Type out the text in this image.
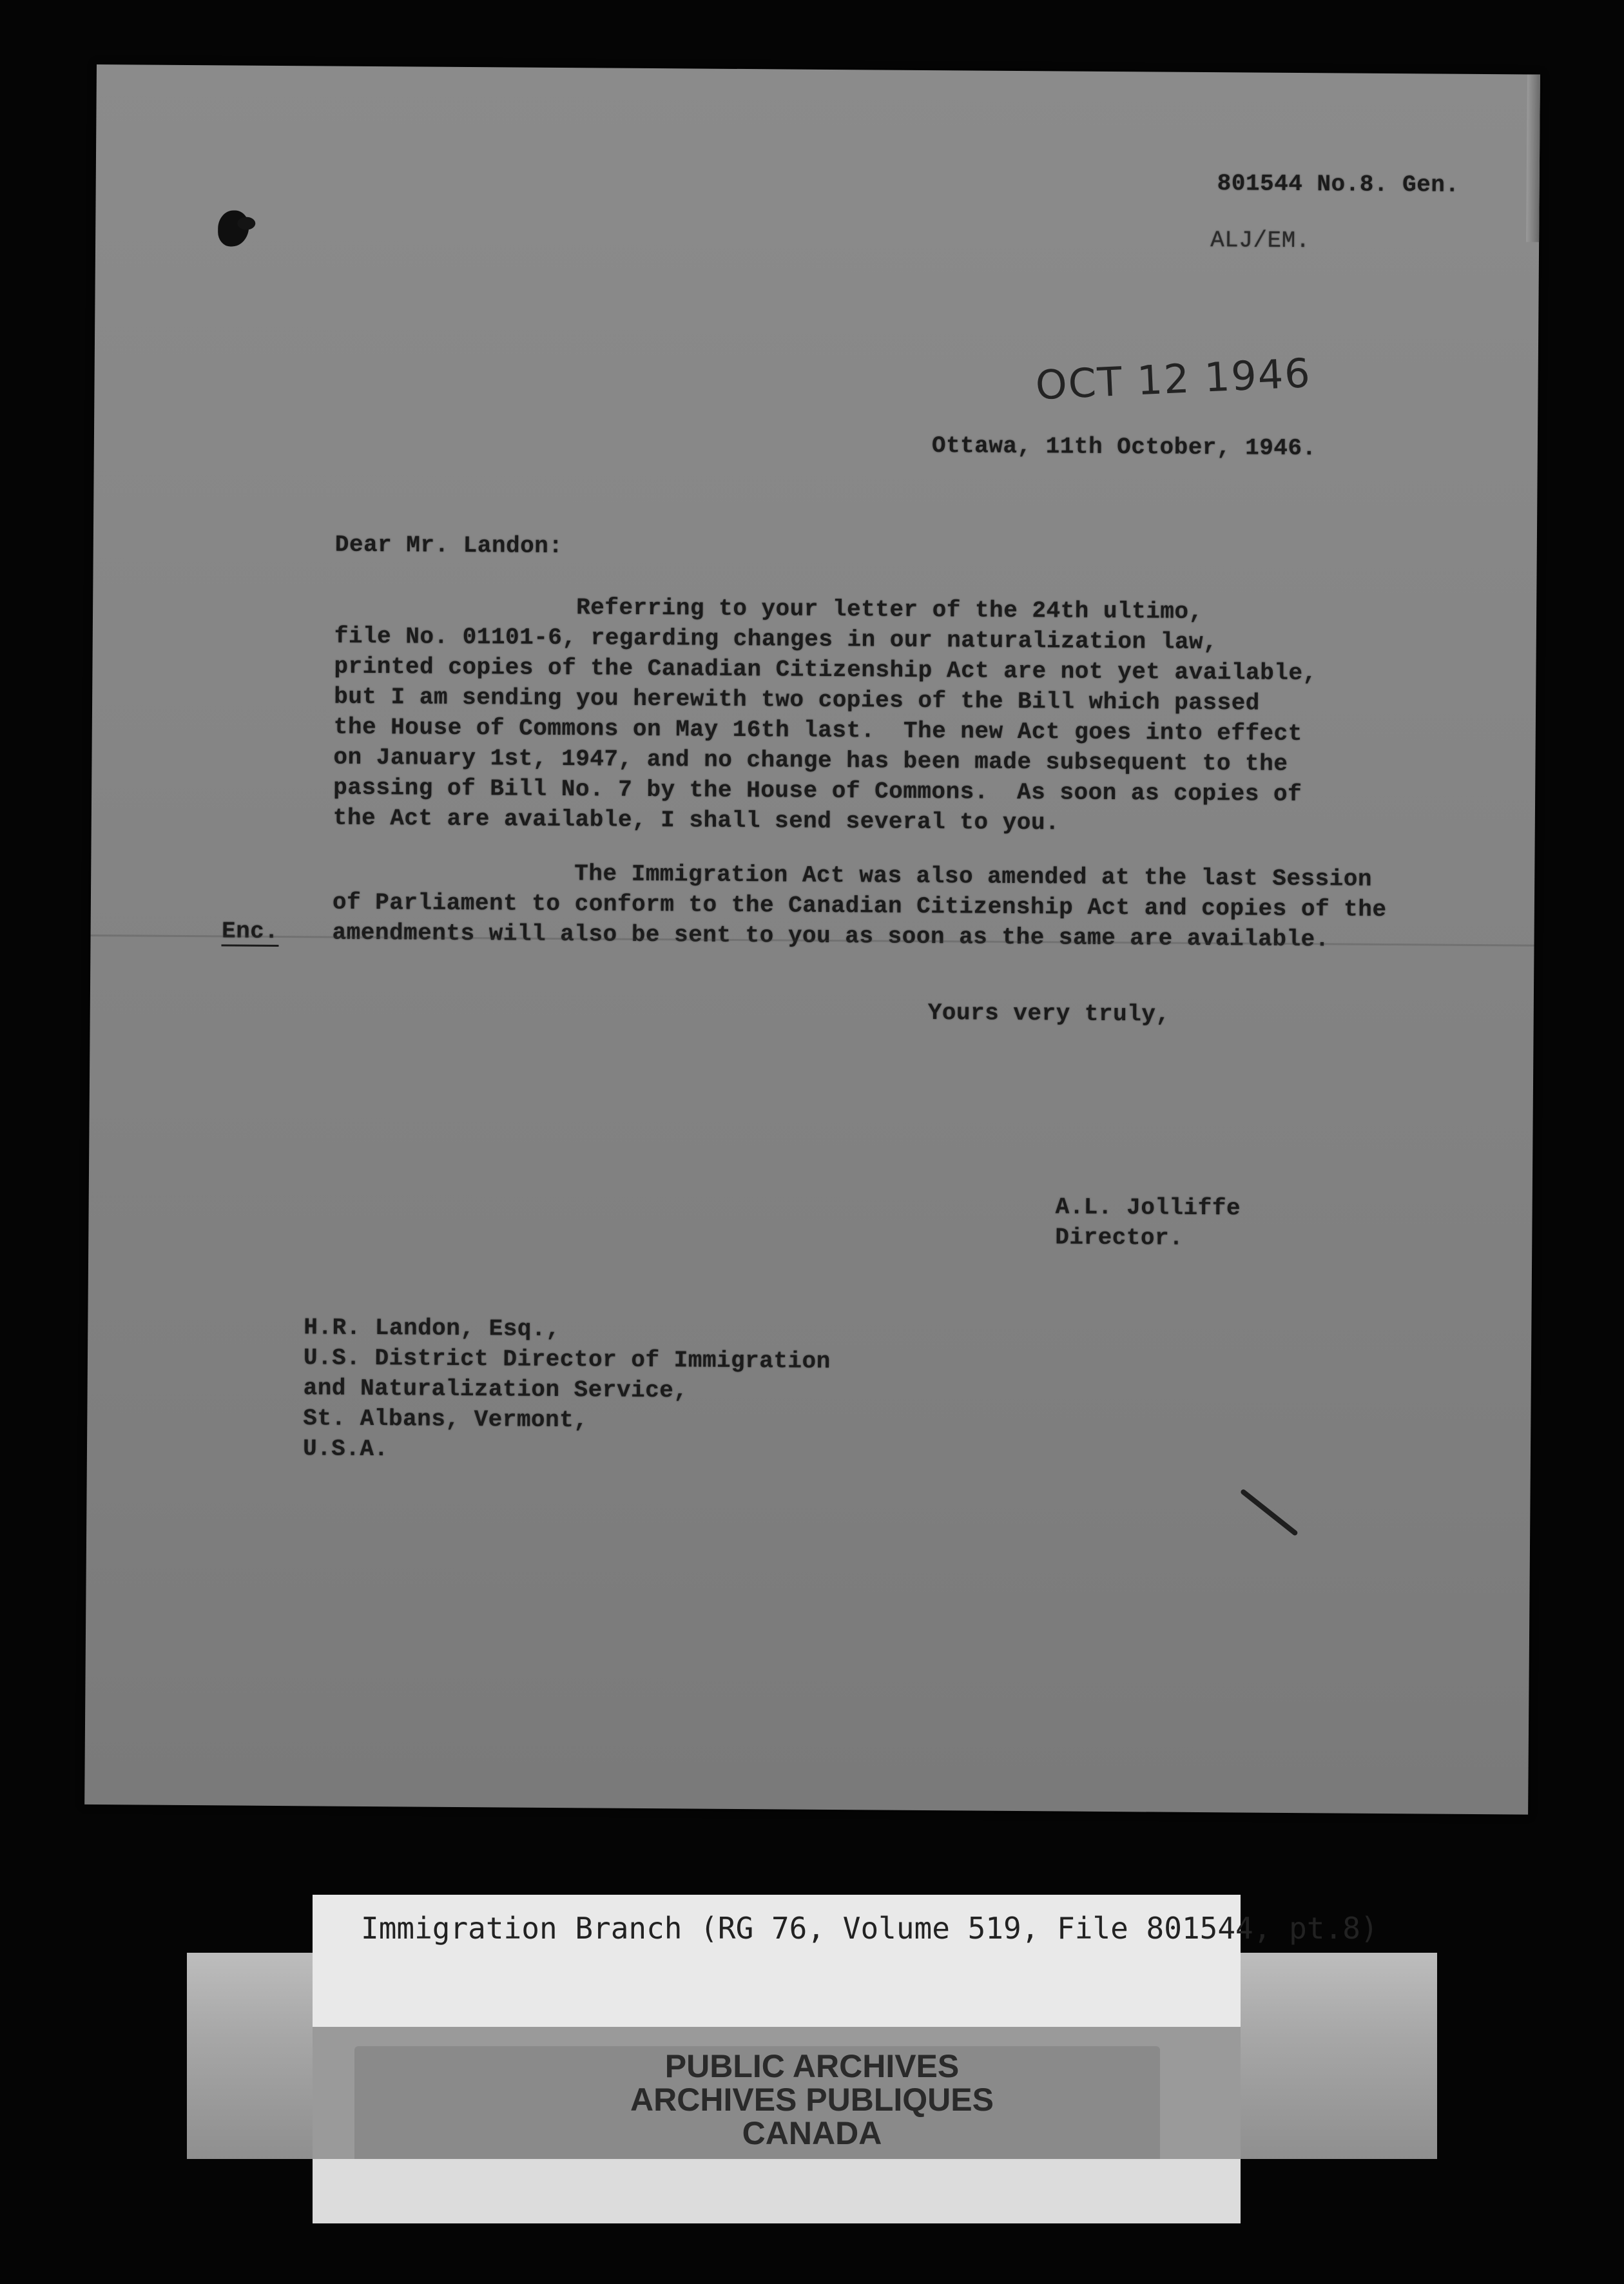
801544 No.8. Gen.
ALJ/EM.
OCT 12 1946
Ottawa, 11th October, 1946.
Dear Mr. Landon:
Referring to your letter of the 24th ultimo,
file No. 01101-6, regarding changes in our naturalization law,
printed copies of the Canadian Citizenship Act are not yet available,
but I am sending you herewith two copies of the Bill which passed
the House of Commons on May 16th last.  The new Act goes into effect
on January 1st, 1947, and no change has been made subsequent to the
passing of Bill No. 7 by the House of Commons.  As soon as copies of
the Act are available, I shall send several to you.

Enc.

The Immigration Act was also amended at the last Session
of Parliament to conform to the Canadian Citizenship Act and copies of the
amendments will also be sent to you as soon as the same are available.
Yours very truly,
A.L. Jolliffe
Director.
H.R. Landon, Esq.,
U.S. District Director of Immigration
and Naturalization Service,
St. Albans, Vermont,
U.S.A.
Immigration Branch (RG 76, Volume 519, File 801544, pt.8)
PUBLIC ARCHIVES
ARCHIVES PUBLIQUES
CANADA
